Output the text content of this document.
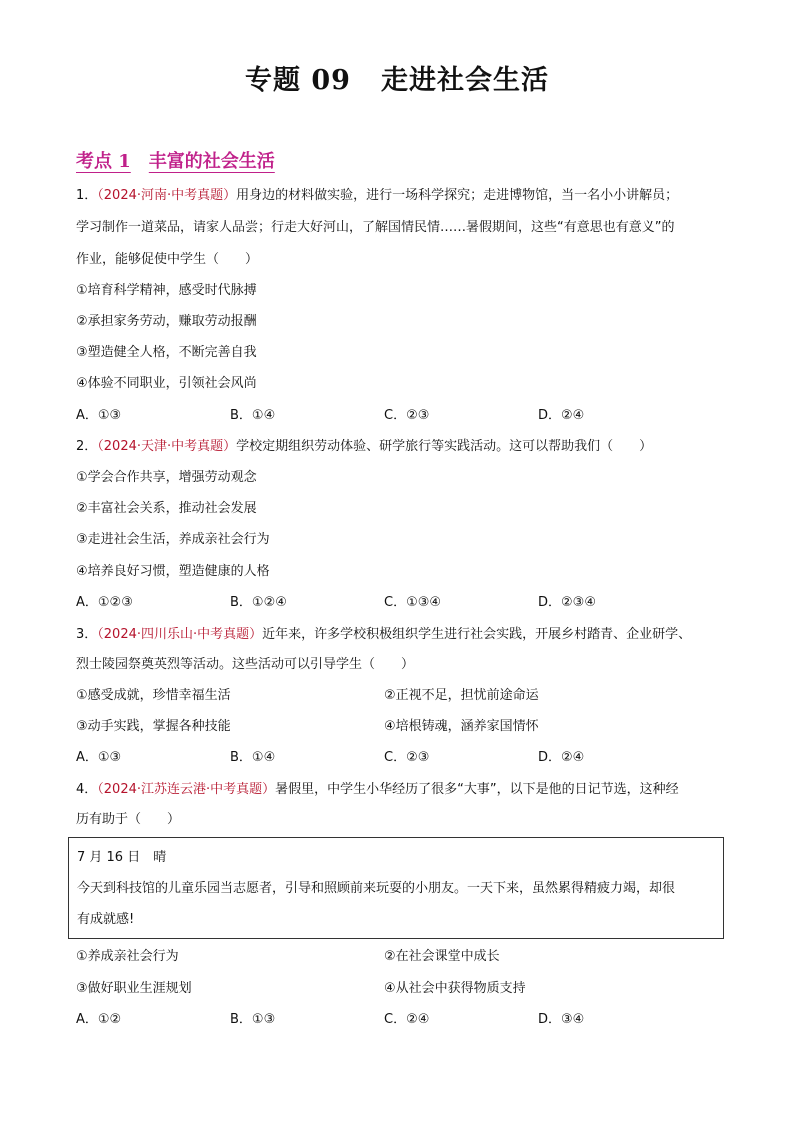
专题 09 走进社会生活
考点 1 丰富的社会生活
1．（2024·河南·中考真题）用身边的材料做实验，进行一场科学探究；走进博物馆，当一名小小讲解员；
学习制作一道菜品，请家人品尝；行走大好河山，了解国情民情……暑假期间，这些“有意思也有意义”的
作业，能够促使中学生（　　）
①培育科学精神，感受时代脉搏
②承担家务劳动，赚取劳动报酬
③塑造健全人格，不断完善自我
④体验不同职业，引领社会风尚
A．①③	B．①④	C．②③	D．②④
2．（2024·天津·中考真题）学校定期组织劳动体验、研学旅行等实践活动。这可以帮助我们（　　）
①学会合作共享，增强劳动观念
②丰富社会关系，推动社会发展
③走进社会生活，养成亲社会行为
④培养良好习惯，塑造健康的人格
A．①②③	B．①②④	C．①③④	D．②③④
3．（2024·四川乐山·中考真题）近年来，许多学校积极组织学生进行社会实践，开展乡村踏青、企业研学、
烈士陵园祭奠英烈等活动。这些活动可以引导学生（　　）
①感受成就，珍惜幸福生活	②正视不足，担忧前途命运
③动手实践，掌握各种技能	④培根铸魂，涵养家国情怀
A．①③	B．①④	C．②③	D．②④
4．（2024·江苏连云港·中考真题）暑假里，中学生小华经历了很多“大事”，以下是他的日记节选，这种经
历有助于（　　）
7 月 16 日　晴
今天到科技馆的儿童乐园当志愿者，引导和照顾前来玩耍的小朋友。一天下来，虽然累得精疲力竭，却很
有成就感!
①养成亲社会行为	②在社会课堂中成长
③做好职业生涯规划	④从社会中获得物质支持
A．①②	B．①③	C．②④	D．③④
